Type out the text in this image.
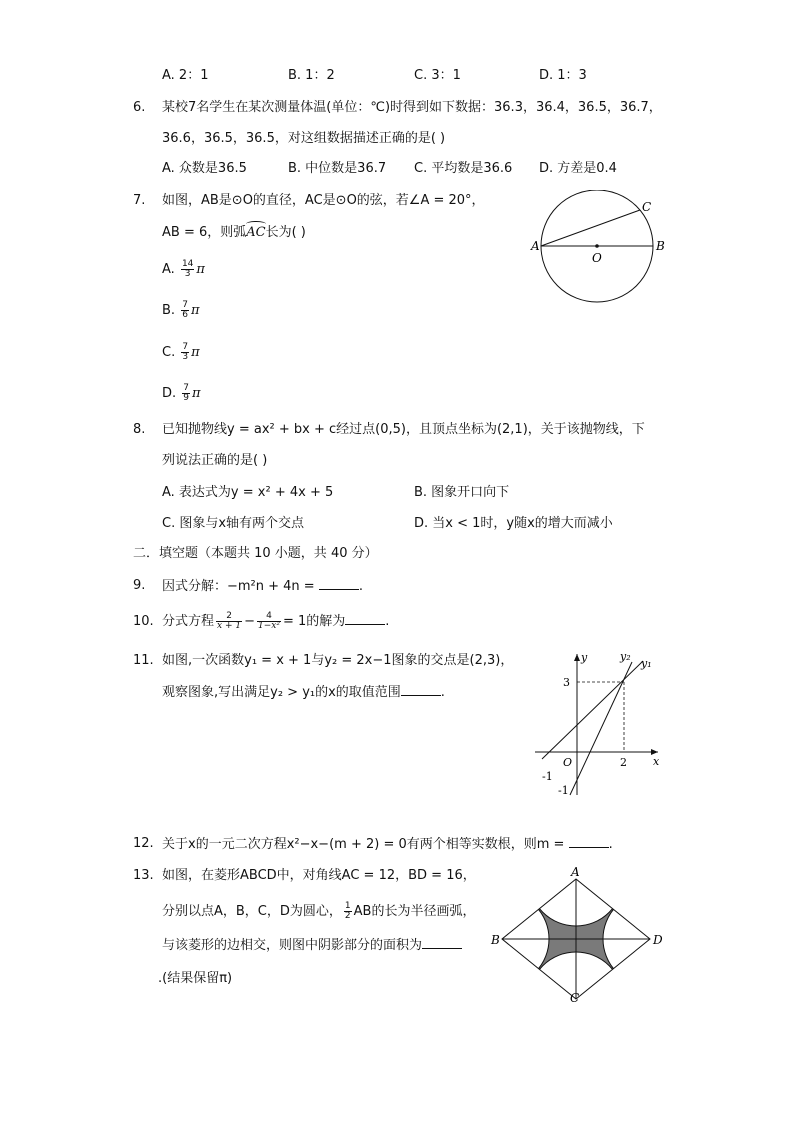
A. 2：1	B. 1：2	C. 3：1	D. 1：3
6. 某校7名学生在某次测量体温(单位：℃)时得到如下数据：36.3，36.4，36.5，36.7，
36.6，36.5，36.5，对这组数据描述正确的是( )
A. 众数是36.5	B. 中位数是36.7 C. 平均数是36.6 D. 方差是0.4
7. 如图，AB是⊙O的直径，AC是⊙O的弦，若∠A = 20°，
AB = 6，则弧AC长为( )
A. $\frac{14}{3}$ π
B. $\frac{7}{6}$ π
C. $\frac{7}{3}$ π
D. $\frac{7}{9}$ π
A	B
C
O
8. 已知抛物线y = ax² + bx + c经过点(0,5)，且顶点坐标为(2,1)，关于该抛物线，下
列说法正确的是( )
A. 表达式为y = x² + 4x + 5	B. 图象开口向下
C. 图象与x轴有两个交点	D. 当x < 1时，y随x的增大而减小
二．填空题（本题共 10 小题，共 40 分）
9. 因式分解：−m²n + 4n =	.
10. 分式方程 $\frac{2}{x + 1} - \frac{4}{\text{1−x²}} = 1$的解为	.
11. 如图,一次函数y₁ = x + 1与y₂ = 2x−1图象的交点是(2,3)，
观察图象,写出满足y₂ > y₁的x的取值范围	.
y
x
O
3
2
-1
-1
y₂
y₁
12. 关于x的一元二次方程x²−x−(m + 2) = 0有两个相等实数根，则m =	.
13. 如图，在菱形ABCD中，对角线AC = 12，BD = 16，
分别以点A，B，C，D为圆心， $\frac{1}{2}$ AB的长为半径画弧，
与该菱形的边相交，则图中阴影部分的面积为
.(结果保留π)
A
B
C
D
